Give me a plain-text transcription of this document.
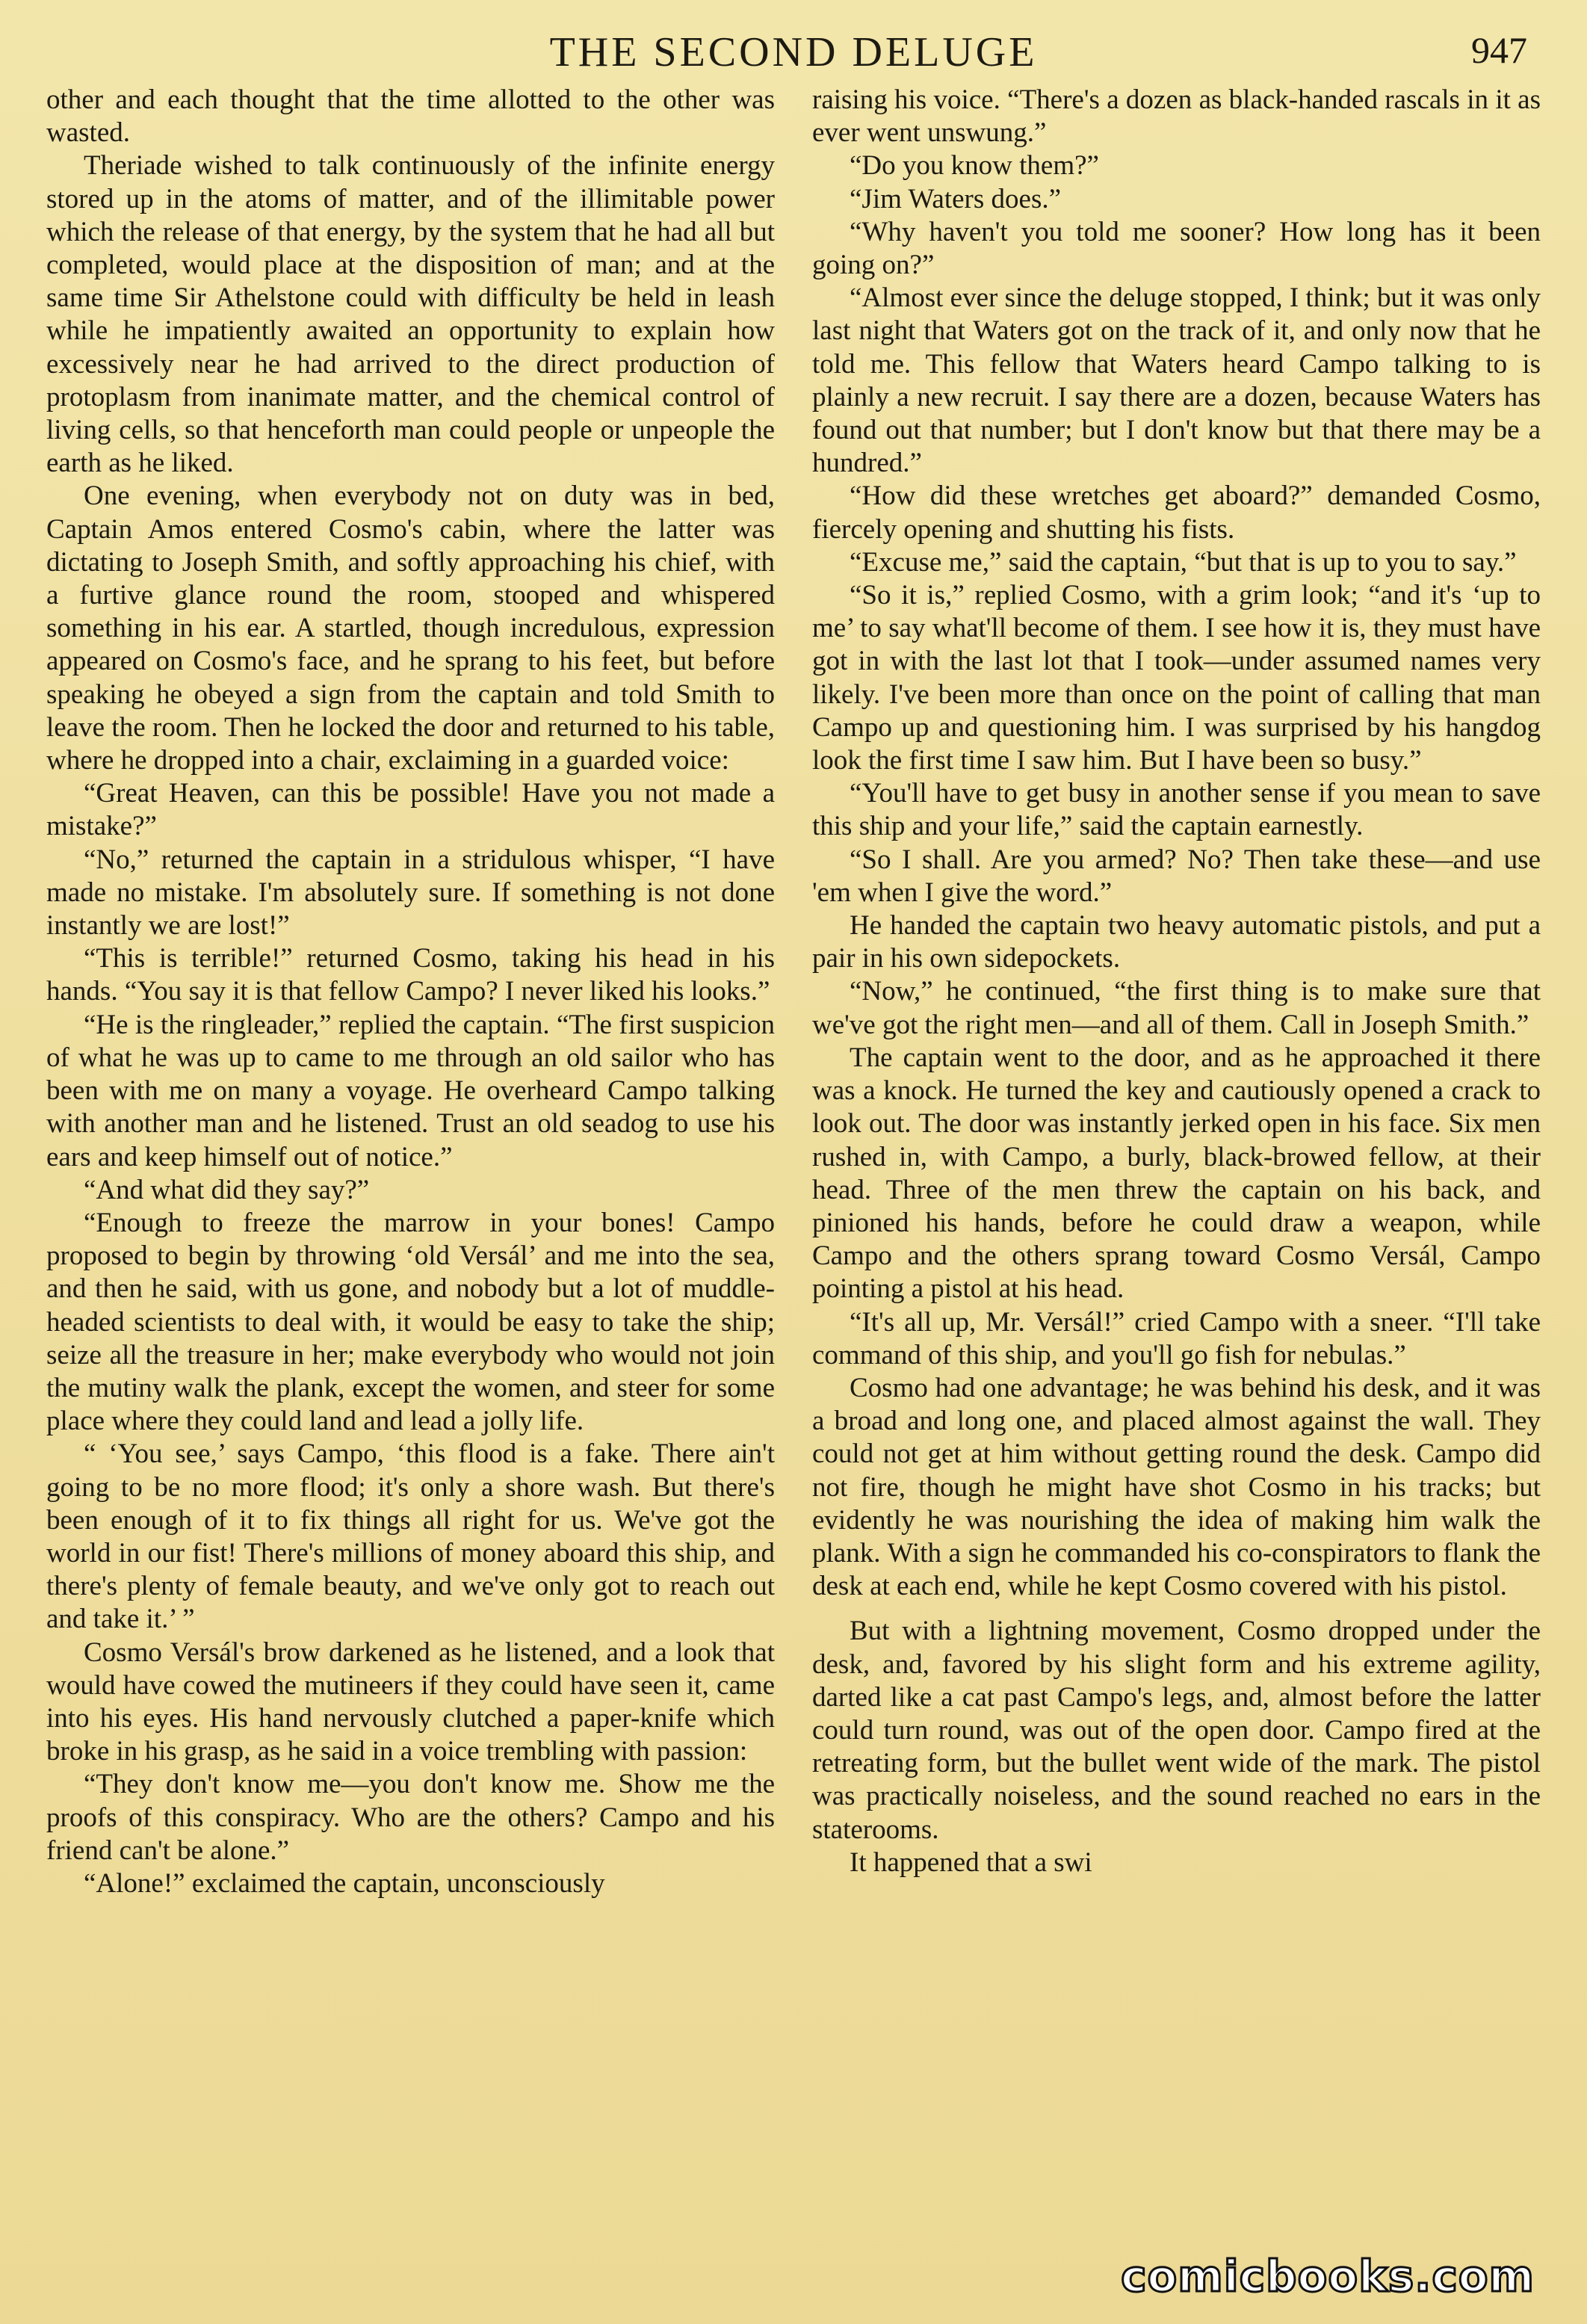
THE SECOND DELUGE	947

other and each thought that the time allotted to the other was wasted.

Theriade wished to talk continuously of the infinite energy stored up in the atoms of matter, and of the illimitable power which the release of that energy, by the system that he had all but completed, would place at the disposition of man; and at the same time Sir Athelstone could with difficulty be held in leash while he impatiently awaited an opportunity to explain how excessively near he had arrived to the direct production of protoplasm from inanimate matter, and the chemical control of living cells, so that henceforth man could people or unpeople the earth as he liked.

One evening, when everybody not on duty was in bed, Captain Amos entered Cosmo's cabin, where the latter was dictating to Joseph Smith, and softly approaching his chief, with a furtive glance round the room, stooped and whispered something in his ear. A startled, though incredulous, expression appeared on Cosmo's face, and he sprang to his feet, but before speaking he obeyed a sign from the captain and told Smith to leave the room. Then he locked the door and returned to his table, where he dropped into a chair, exclaiming in a guarded voice:

“Great Heaven, can this be possible! Have you not made a mistake?”

“No,” returned the captain in a stridulous whisper, “I have made no mistake. I'm absolutely sure. If something is not done instantly we are lost!”

“This is terrible!” returned Cosmo, taking his head in his hands. “You say it is that fellow Campo? I never liked his looks.”

“He is the ringleader,” replied the captain. “The first suspicion of what he was up to came to me through an old sailor who has been with me on many a voyage. He overheard Campo talking with another man and he listened. Trust an old seadog to use his ears and keep himself out of notice.”

“And what did they say?”

“Enough to freeze the marrow in your bones! Campo proposed to begin by throwing ‘old Versál’ and me into the sea, and then he said, with us gone, and nobody but a lot of muddle-headed scientists to deal with, it would be easy to take the ship; seize all the treasure in her; make everybody who would not join the mutiny walk the plank, except the women, and steer for some place where they could land and lead a jolly life.

“ ‘You see,’ says Campo, ‘this flood is a fake. There ain't going to be no more flood; it's only a shore wash. But there's been enough of it to fix things all right for us. We've got the world in our fist! There's millions of money aboard this ship, and there's plenty of female beauty, and we've only got to reach out and take it.’ ”

Cosmo Versál's brow darkened as he listened, and a look that would have cowed the mutineers if they could have seen it, came into his eyes. His hand nervously clutched a paper-knife which broke in his grasp, as he said in a voice trembling with passion:

“They don't know me—you don't know me. Show me the proofs of this conspiracy. Who are the others? Campo and his friend can't be alone.”

“Alone!” exclaimed the captain, unconsciously

raising his voice. “There's a dozen as black-handed rascals in it as ever went unswung.”

“Do you know them?”

“Jim Waters does.”

“Why haven't you told me sooner? How long has it been going on?”

“Almost ever since the deluge stopped, I think; but it was only last night that Waters got on the track of it, and only now that he told me. This fellow that Waters heard Campo talking to is plainly a new recruit. I say there are a dozen, because Waters has found out that number; but I don't know but that there may be a hundred.”

“How did these wretches get aboard?” demanded Cosmo, fiercely opening and shutting his fists.

“Excuse me,” said the captain, “but that is up to you to say.”

“So it is,” replied Cosmo, with a grim look; “and it's ‘up to me’ to say what'll become of them. I see how it is, they must have got in with the last lot that I took—under assumed names very likely. I've been more than once on the point of calling that man Campo up and questioning him. I was surprised by his hangdog look the first time I saw him. But I have been so busy.”

“You'll have to get busy in another sense if you mean to save this ship and your life,” said the captain earnestly.

“So I shall. Are you armed? No? Then take these—and use 'em when I give the word.”

He handed the captain two heavy automatic pistols, and put a pair in his own sidepockets.

“Now,” he continued, “the first thing is to make sure that we've got the right men—and all of them. Call in Joseph Smith.”

The captain went to the door, and as he approached it there was a knock. He turned the key and cautiously opened a crack to look out. The door was instantly jerked open in his face. Six men rushed in, with Campo, a burly, black-browed fellow, at their head. Three of the men threw the captain on his back, and pinioned his hands, before he could draw a weapon, while Campo and the others sprang toward Cosmo Versál, Campo pointing a pistol at his head.

“It's all up, Mr. Versál!” cried Campo with a sneer. “I'll take command of this ship, and you'll go fish for nebulas.”

Cosmo had one advantage; he was behind his desk, and it was a broad and long one, and placed almost against the wall. They could not get at him without getting round the desk. Campo did not fire, though he might have shot Cosmo in his tracks; but evidently he was nourishing the idea of making him walk the plank. With a sign he commanded his co-conspirators to flank the desk at each end, while he kept Cosmo covered with his pistol.

But with a lightning movement, Cosmo dropped under the desk, and, favored by his slight form and his extreme agility, darted like a cat past Campo's legs, and, almost before the latter could turn round, was out of the open door. Campo fired at the retreating form, but the bullet went wide of the mark. The pistol was practically noiseless, and the sound reached no ears in the staterooms.

It happened that a swi

comicbooks.com
